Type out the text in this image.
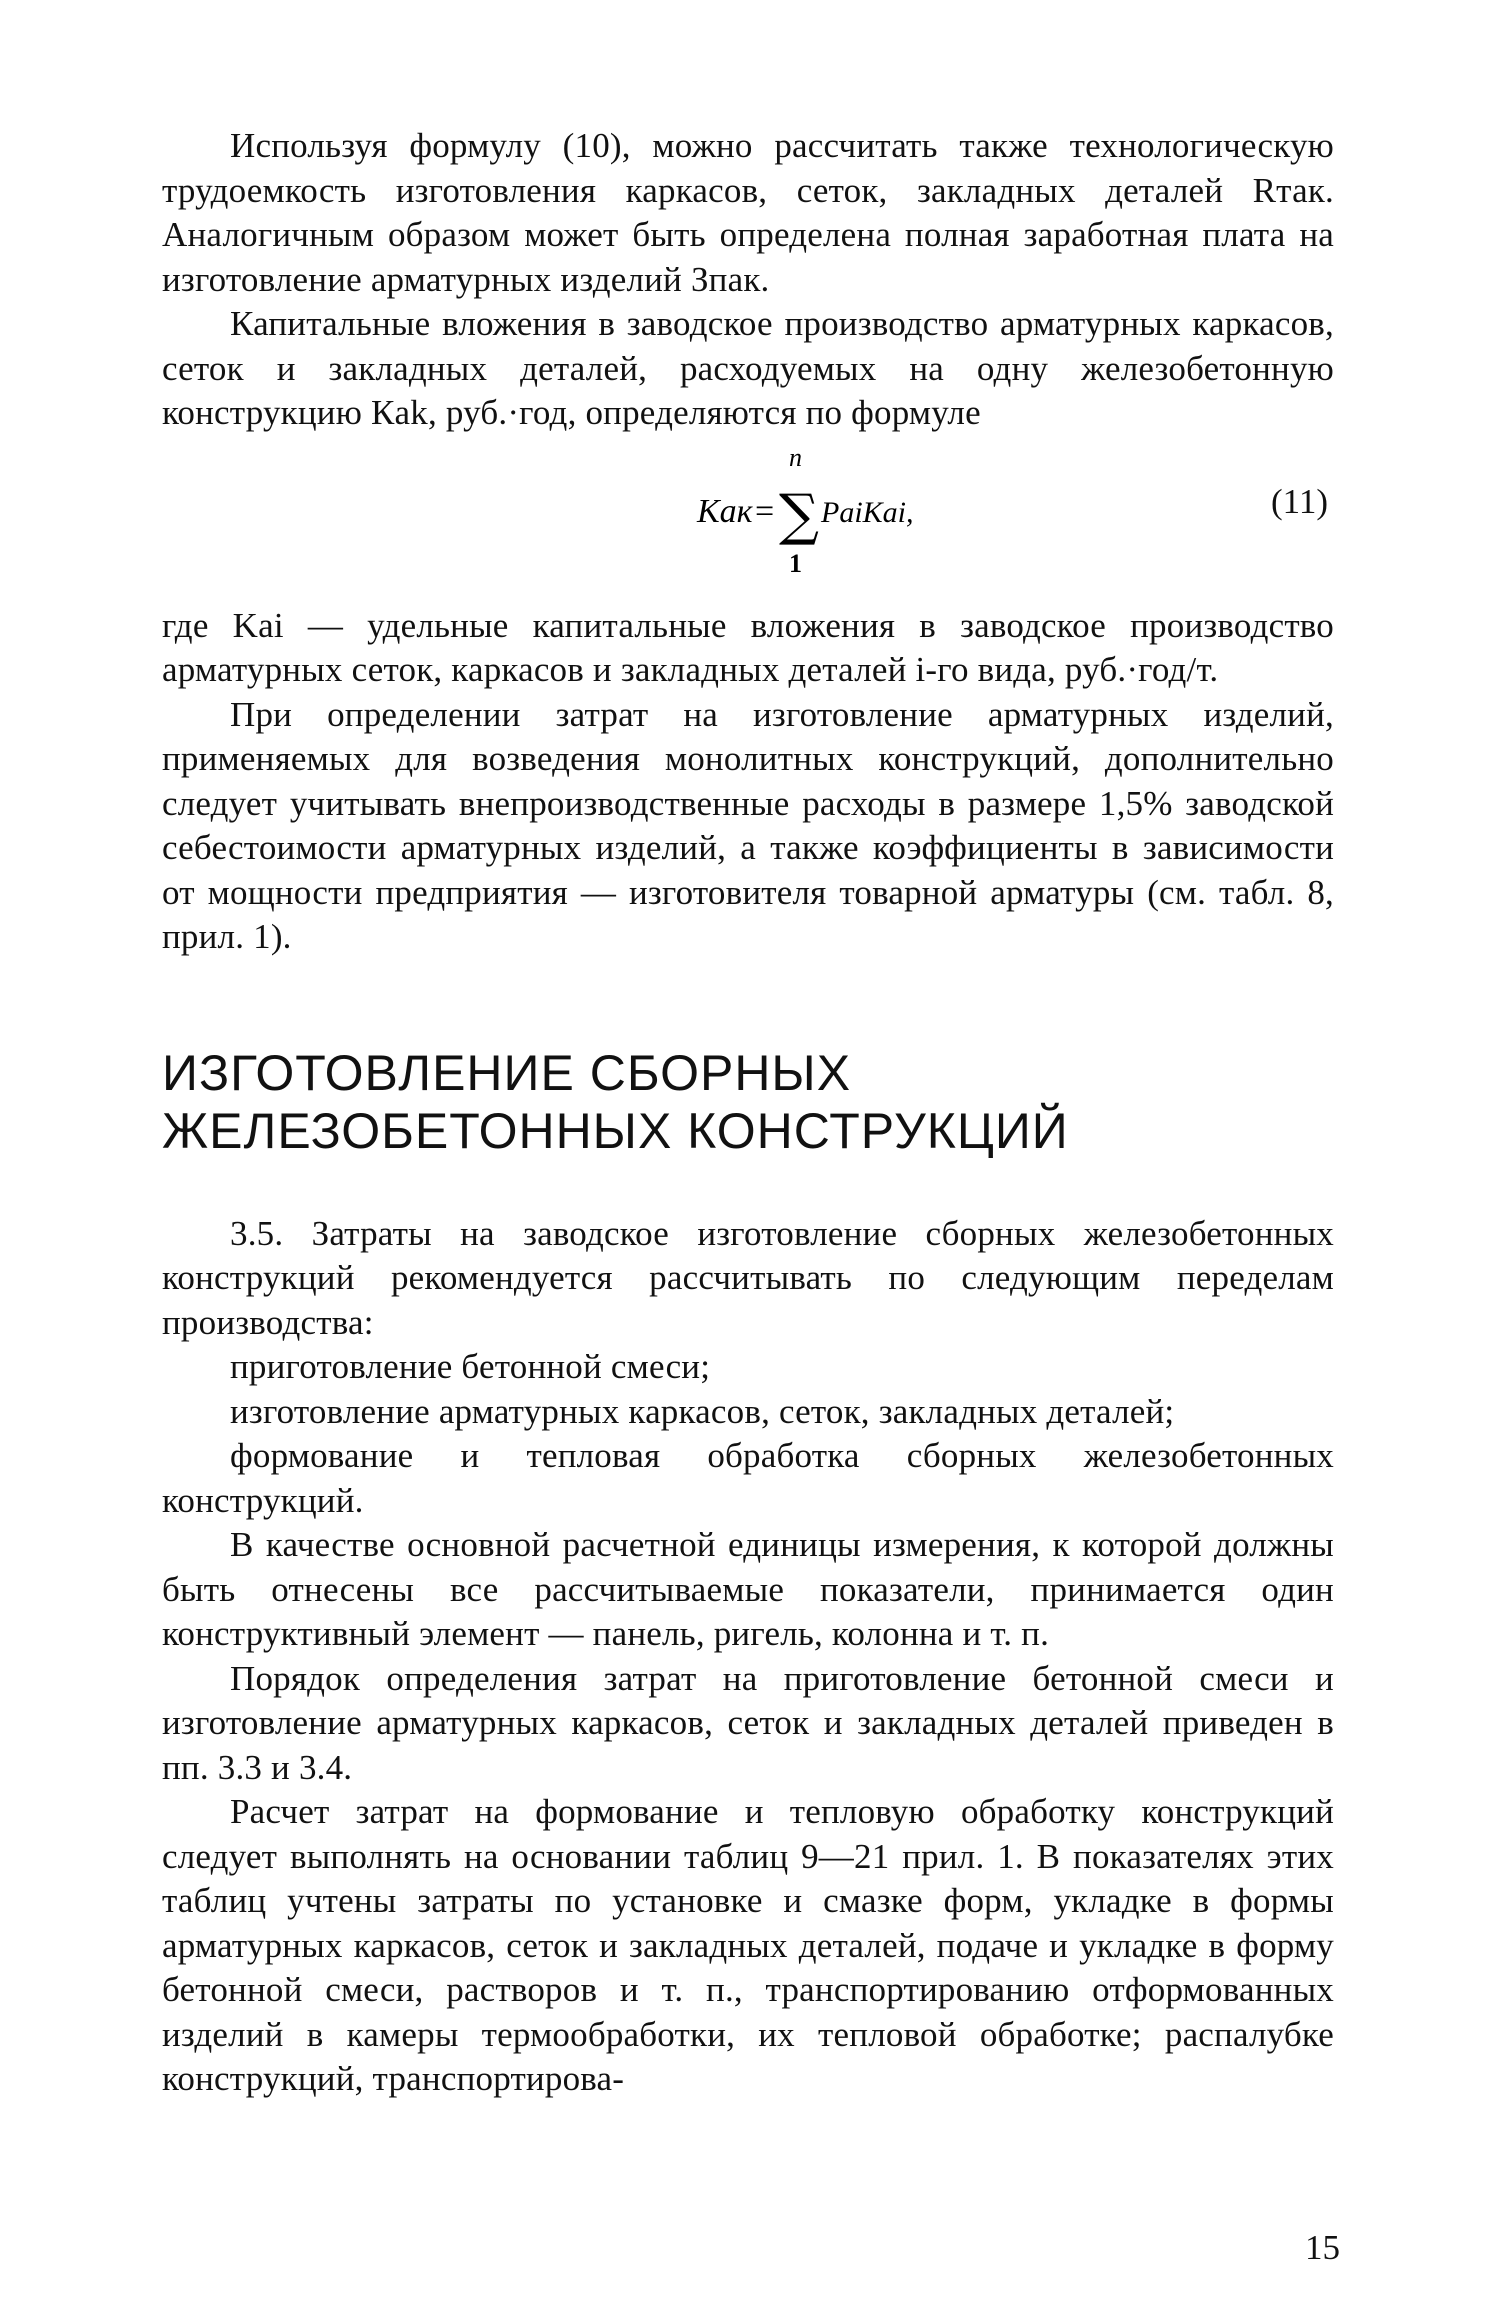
Используя формулу (10), можно рассчитать также технологическую трудоемкость изготовления каркасов, сеток, закладных деталей Rтак. Аналогичным образом может быть определена полная заработная плата на изготовление арматурных изделий Зпак.

Капитальные вложения в заводское производство арматурных каркасов, сеток и закладных деталей, расходуемых на одну железобетонную конструкцию Кak, руб.·год, определяются по формуле

Kак =
n
∑
1
PaiKai,	(11)

где Kai — удельные капитальные вложения в заводское производство арматурных сеток, каркасов и закладных деталей i-го вида, руб.·год/т.

При определении затрат на изготовление арматурных изделий, применяемых для возведения монолитных конструкций, дополнительно следует учитывать внепроизводственные расходы в размере 1,5% заводской себестоимости арматурных изделий, а также коэффициенты в зависимости от мощности предприятия — изготовителя товарной арматуры (см. табл. 8, прил. 1).

ИЗГОТОВЛЕНИЕ СБОРНЫХ
ЖЕЛЕЗОБЕТОННЫХ КОНСТРУКЦИЙ

3.5. Затраты на заводское изготовление сборных железобетонных конструкций рекомендуется рассчитывать по следующим переделам производства:

приготовление бетонной смеси;

изготовление арматурных каркасов, сеток, закладных деталей;

формование и тепловая обработка сборных железобетонных конструкций.

В качестве основной расчетной единицы измерения, к которой должны быть отнесены все рассчитываемые показатели, принимается один конструктивный элемент — панель, ригель, колонна и т. п.

Порядок определения затрат на приготовление бетонной смеси и изготовление арматурных каркасов, сеток и закладных деталей приведен в пп. 3.3 и 3.4.

Расчет затрат на формование и тепловую обработку конструкций следует выполнять на основании таблиц 9—21 прил. 1. В показателях этих таблиц учтены затраты по установке и смазке форм, укладке в формы арматурных каркасов, сеток и закладных деталей, подаче и укладке в форму бетонной смеси, растворов и т. п., транспортированию отформованных изделий в камеры термообработки, их тепловой обработке; распалубке конструкций, транспортирова-

15
